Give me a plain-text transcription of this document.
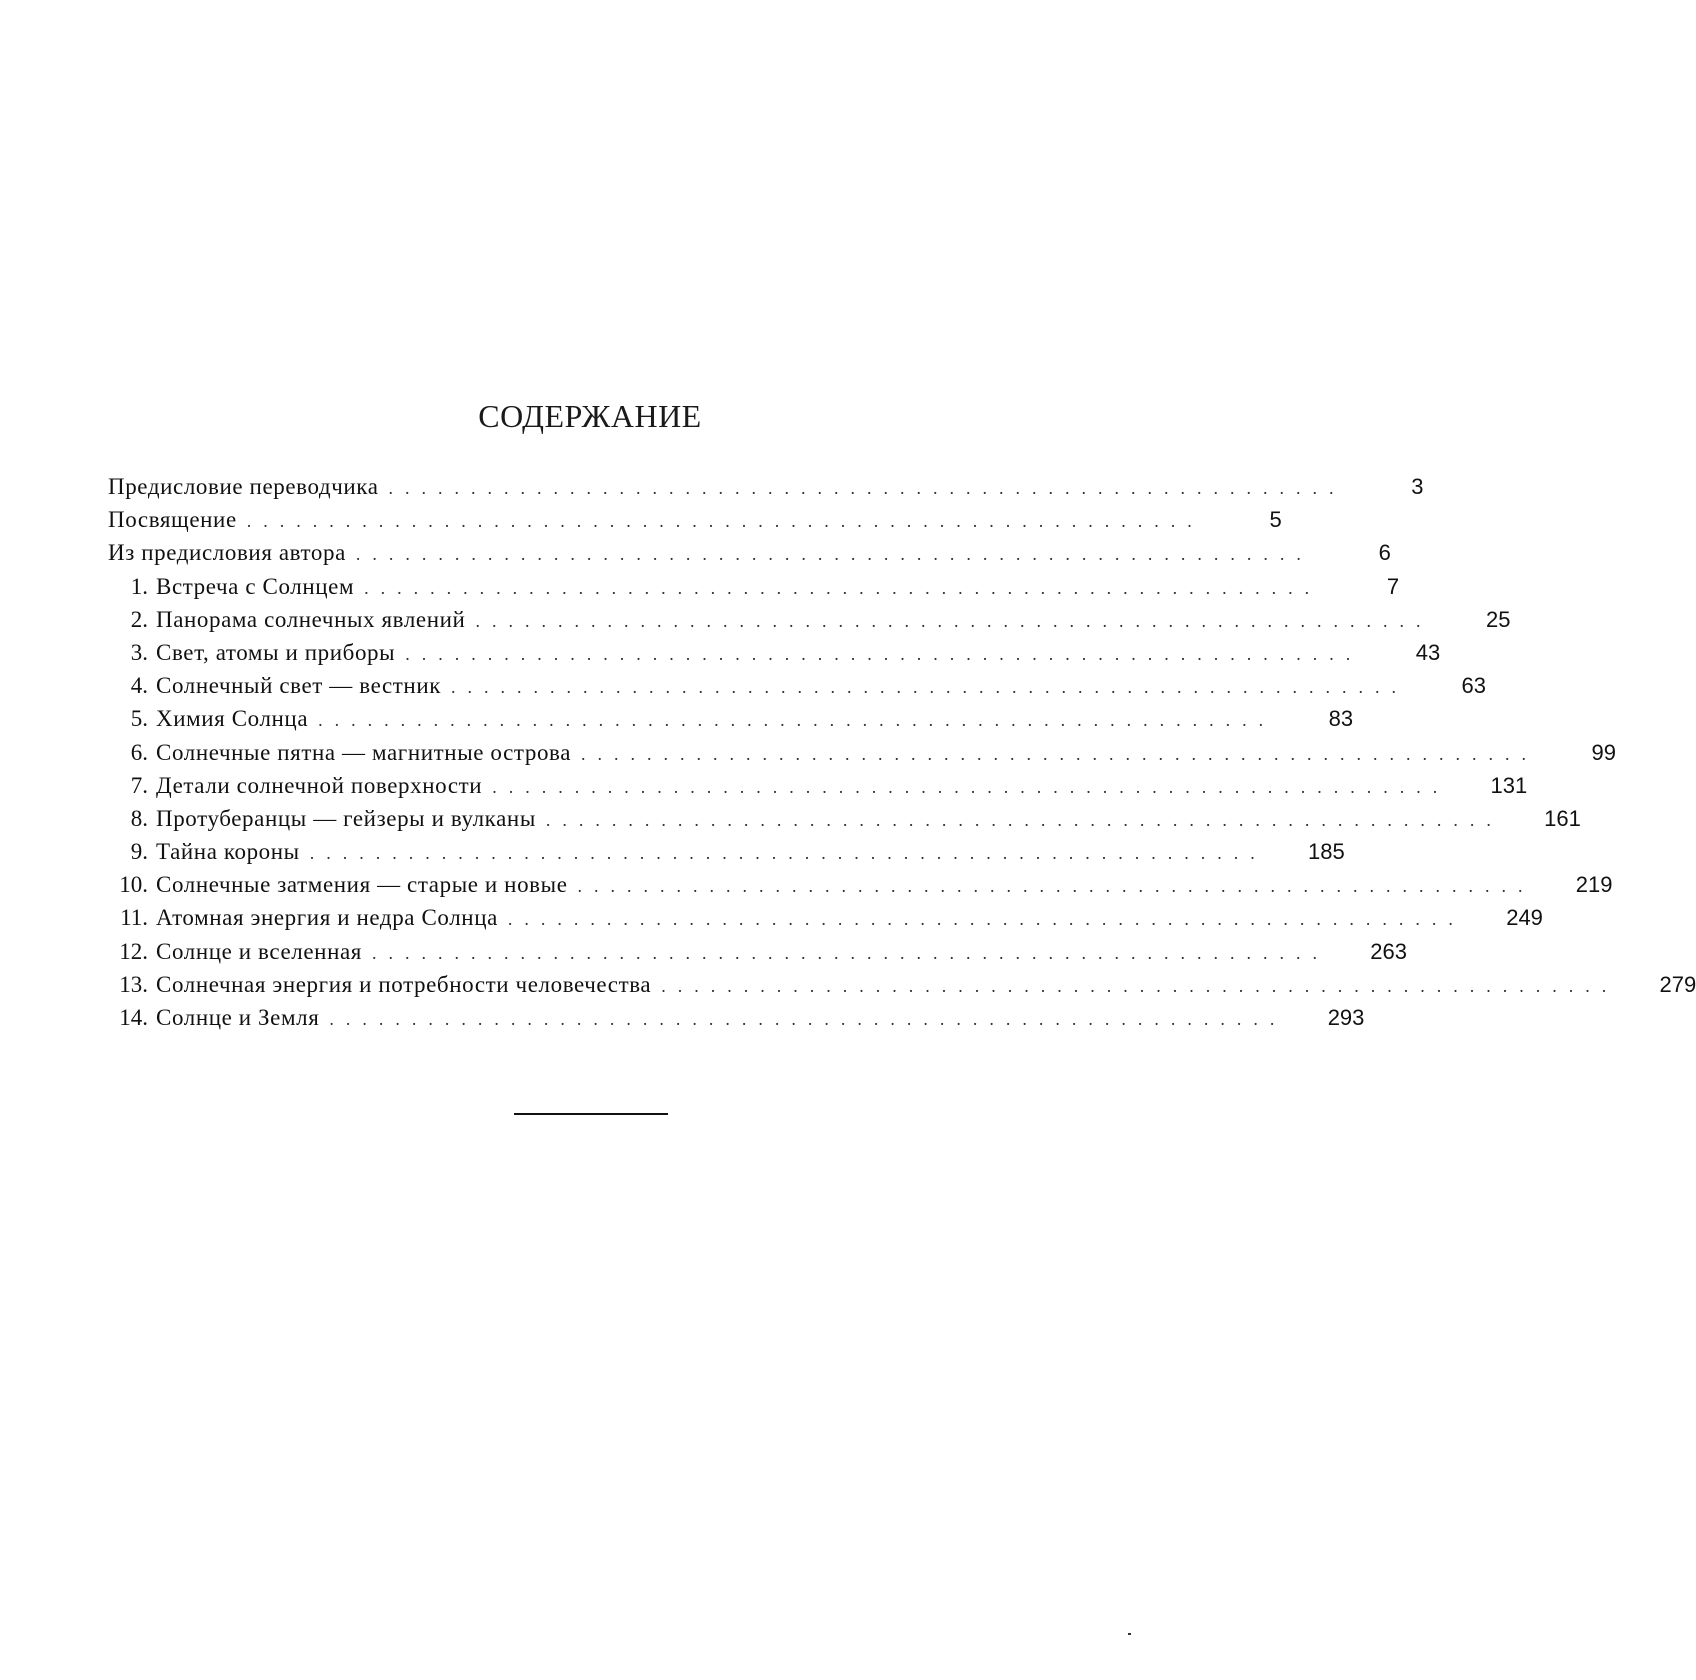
СОДЕРЖАНИЕ
Предисловие переводчика ..........................................................	3
Посвящение ..........................................................	5
Из предисловия автора ..........................................................	6
1. Встреча с Солнцем ..........................................................	7
2. Панорама солнечных явлений ..........................................................	25
3. Свет, атомы и приборы ..........................................................	43
4. Солнечный свет — вестник ..........................................................	63
5. Химия Солнца ..........................................................	83
6. Солнечные пятна — магнитные острова ..........................................................	99
7. Детали солнечной поверхности ..........................................................	131
8. Протуберанцы — гейзеры и вулканы ..........................................................	161
9. Тайна короны ..........................................................	185
10. Солнечные затмения — старые и новые ..........................................................	219
11. Атомная энергия и недра Солнца ..........................................................	249
12. Солнце и вселенная ..........................................................	263
13. Солнечная энергия и потребности человечества ..........................................................	279
14. Солнце и Земля ..........................................................	293
